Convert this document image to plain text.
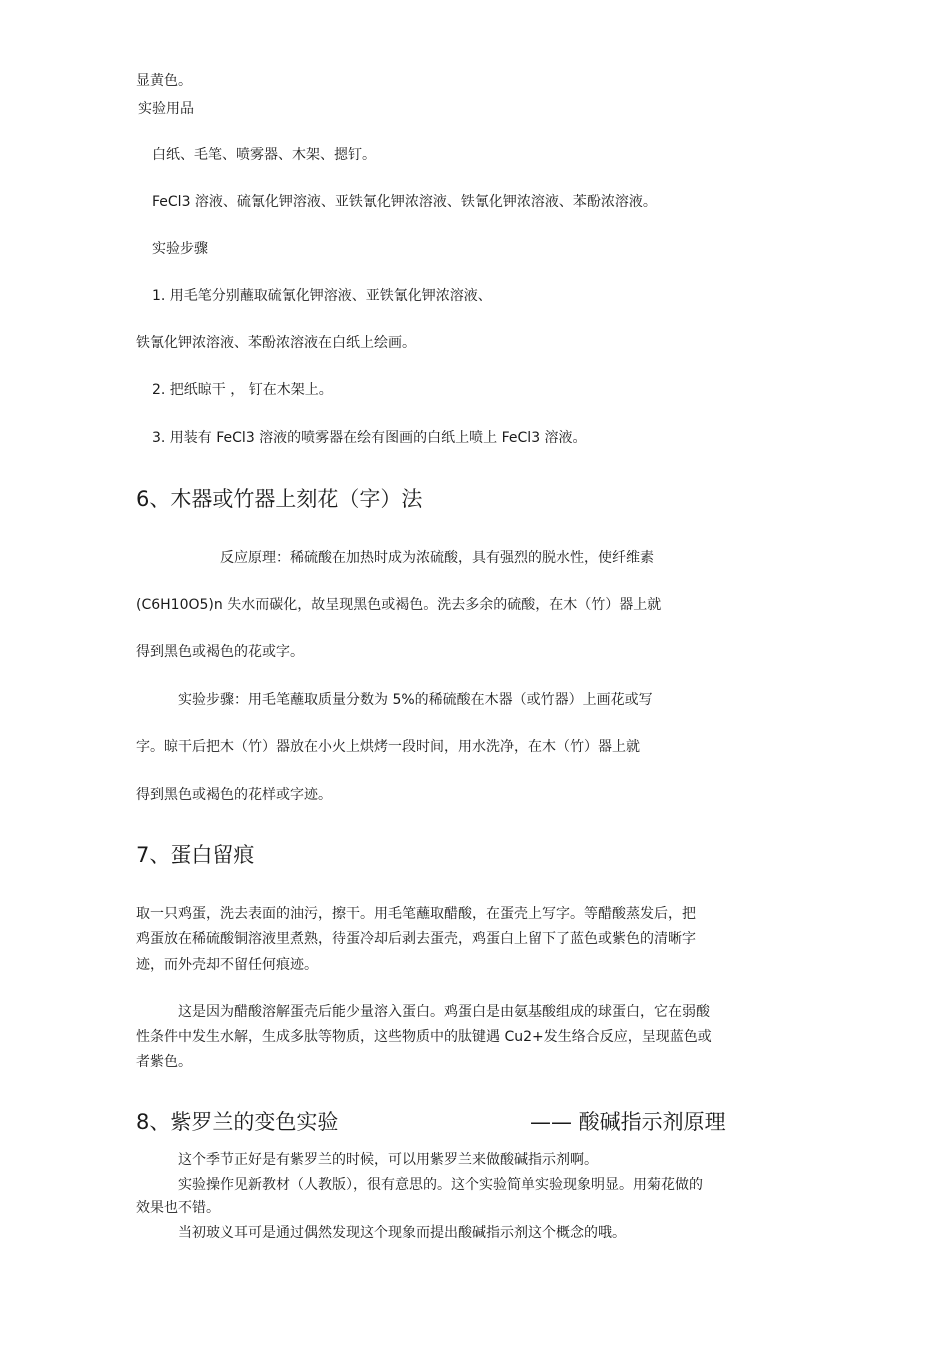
显黄色。
实验用品
白纸、毛笔、喷雾器、木架、摁钉。
FeCl3 溶液、硫氰化钾溶液、亚铁氰化钾浓溶液、铁氰化钾浓溶液、苯酚浓溶液。
实验步骤
1. 用毛笔分别蘸取硫氰化钾溶液、亚铁氰化钾浓溶液、
铁氰化钾浓溶液、苯酚浓溶液在白纸上绘画。
2. 把纸晾干 ， 钉在木架上。
3. 用装有 FeCl3 溶液的喷雾器在绘有图画的白纸上喷上 FeCl3 溶液。
6、木器或竹器上刻花（字）法
反应原理：稀硫酸在加热时成为浓硫酸，具有强烈的脱水性，使纤维素
(C6H10O5)n 失水而碳化，故呈现黑色或褐色。洗去多余的硫酸，在木（竹）器上就
得到黑色或褐色的花或字。
实验步骤：用毛笔蘸取质量分数为 5%的稀硫酸在木器（或竹器）上画花或写
字。晾干后把木（竹）器放在小火上烘烤一段时间，用水洗净，在木（竹）器上就
得到黑色或褐色的花样或字迹。
7、蛋白留痕
取一只鸡蛋，洗去表面的油污，擦干。用毛笔蘸取醋酸，在蛋壳上写字。等醋酸蒸发后，把
鸡蛋放在稀硫酸铜溶液里煮熟，待蛋冷却后剥去蛋壳，鸡蛋白上留下了蓝色或紫色的清晰字
迹，而外壳却不留任何痕迹。
这是因为醋酸溶解蛋壳后能少量溶入蛋白。鸡蛋白是由氨基酸组成的球蛋白，它在弱酸
性条件中发生水解，生成多肽等物质，这些物质中的肽键遇 Cu2+发生络合反应，呈现蓝色或
者紫色。
8、紫罗兰的变色实验	—— 酸碱指示剂原理
这个季节正好是有紫罗兰的时候，可以用紫罗兰来做酸碱指示剂啊。
实验操作见新教材（人教版），很有意思的。这个实验简单实验现象明显。用菊花做的
效果也不错。
当初玻义耳可是通过偶然发现这个现象而提出酸碱指示剂这个概念的哦。
